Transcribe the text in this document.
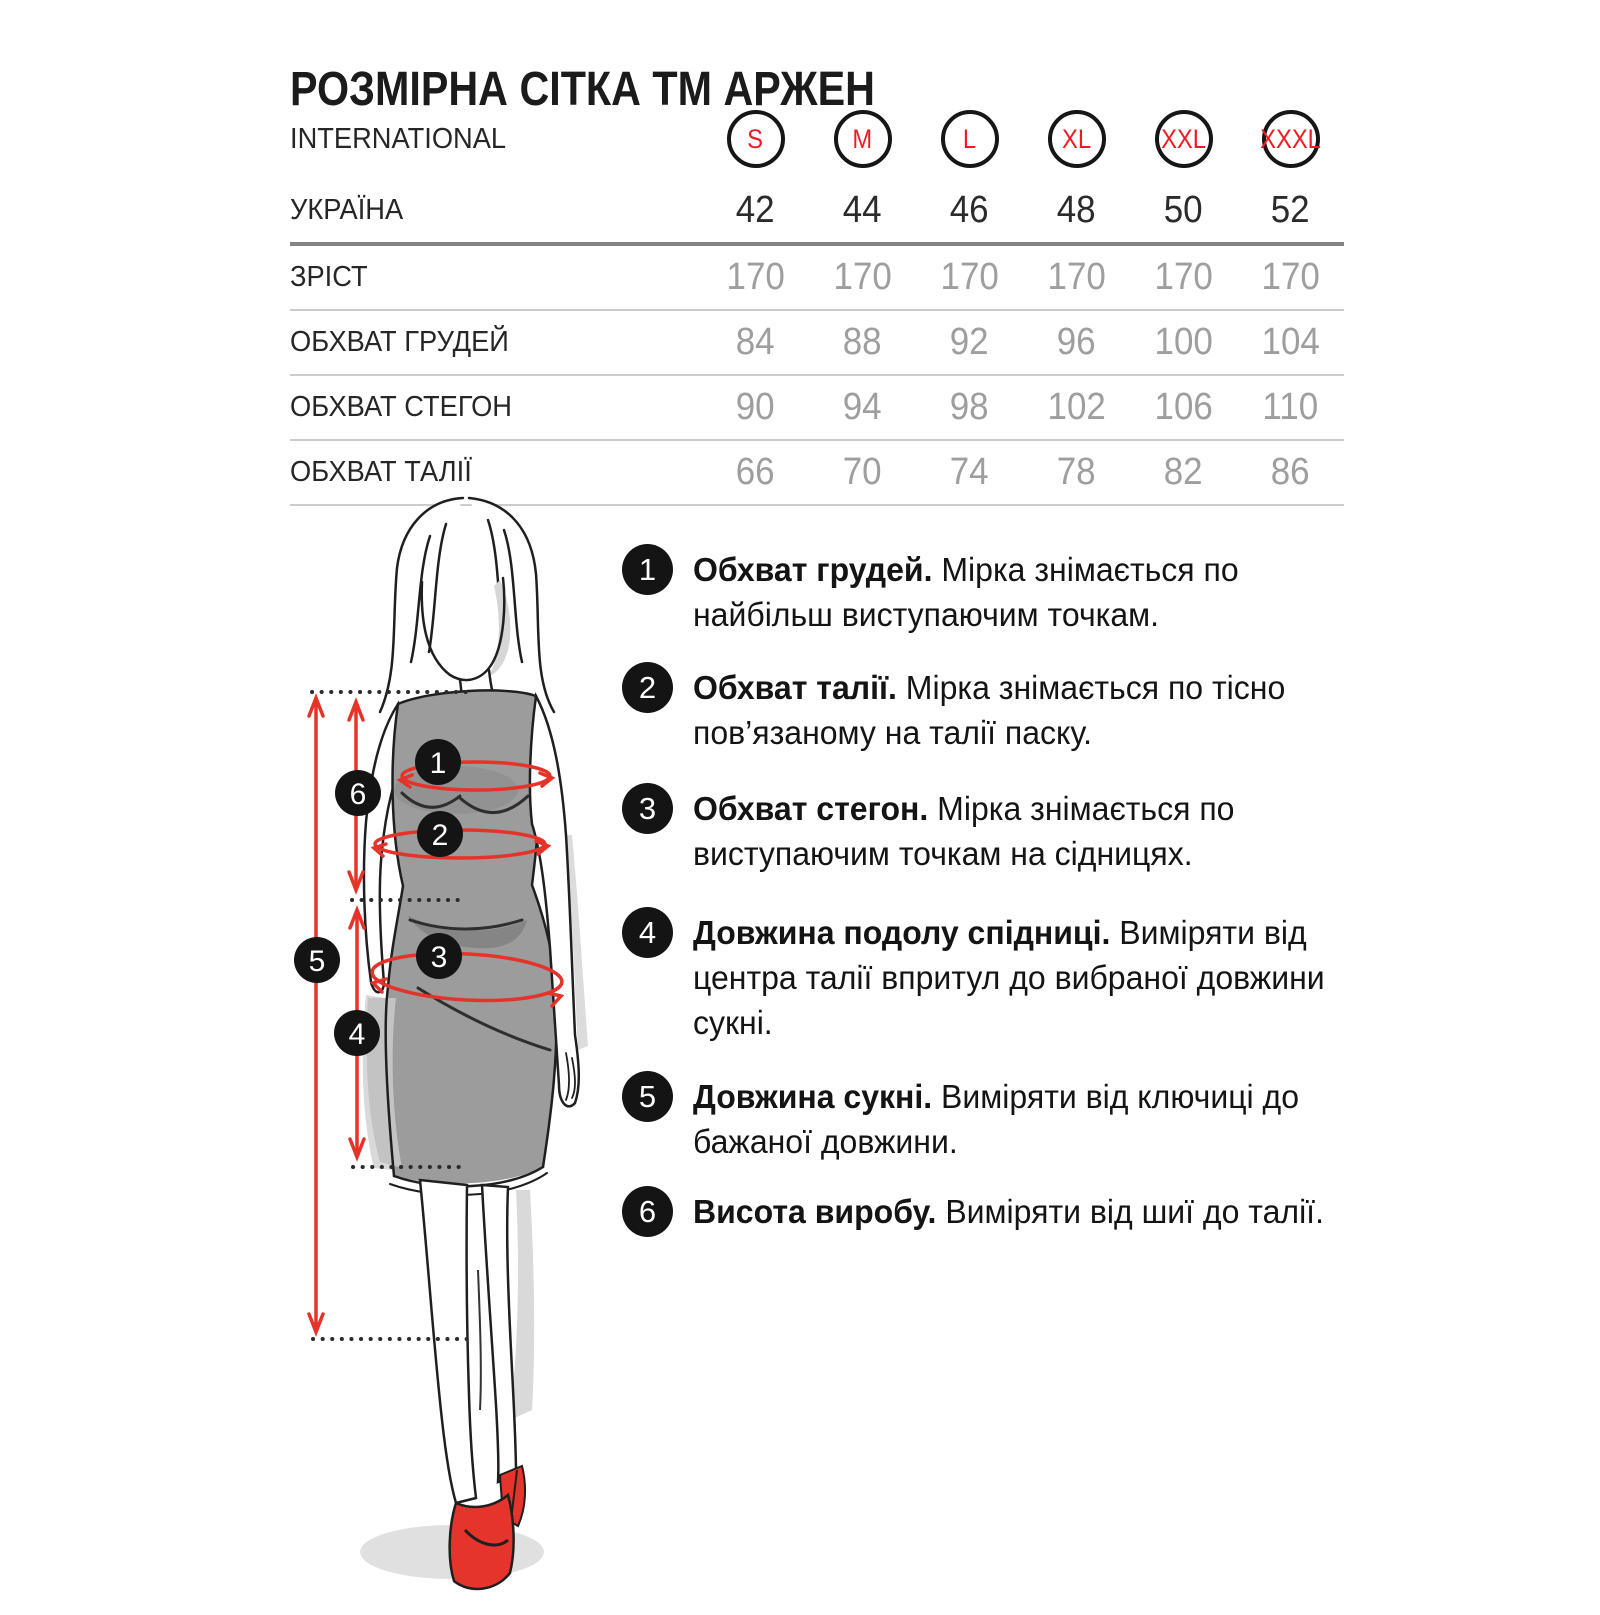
РОЗМІРНА СІТКА ТМ АРЖЕН
INTERNATIONAL	S	M	L	XL	XXL XXXL
УКРАЇНА	42 44 46 48 50 52
ЗРІСТ	170 170 170 170 170 170
ОБХВАТ ГРУДЕЙ	84 88 92 96 100 104
ОБХВАТ СТЕГОН	90 94 98 102 106 110
ОБХВАТ ТАЛІЇ	66 70 74 78 82 86
1
2
3
4
5
6
1 Обхват грудей. Мірка знімається по найбільш виступаючим точкам.

2 Обхват талії. Мірка знімається по тісно пов’язаному на талії паску.

3 Обхват стегон. Мірка знімається по виступаючим точкам на сідницях.

4 Довжина подолу спідниці. Виміряти від центра талії впритул до вибраної довжини сукні.

5 Довжина сукні. Виміряти від ключиці до бажаної довжини.

6 Висота виробу. Виміряти від шиї до талії.
